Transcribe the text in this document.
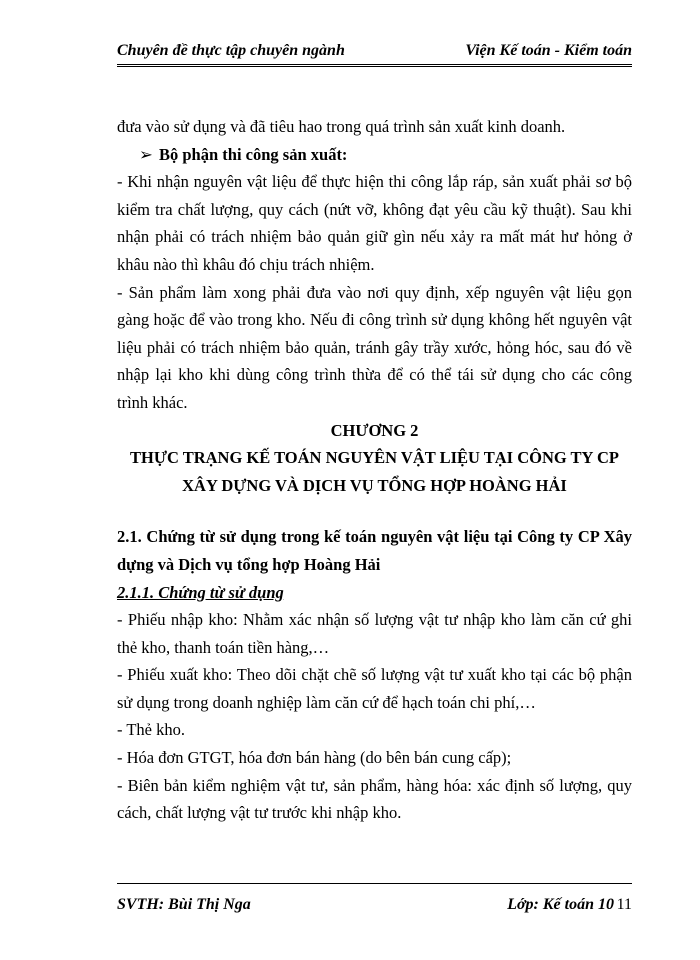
Chuyên đề thực tập chuyên ngành	Viện Kế toán - Kiểm toán

đưa vào sử dụng và đã tiêu hao trong quá trình sản xuất kinh doanh.

➢ Bộ phận thi công sản xuất:

- Khi nhận nguyên vật liệu để thực hiện thi công lắp ráp, sản xuất phải sơ bộ kiểm tra chất lượng, quy cách (nứt vỡ, không đạt yêu cầu kỹ thuật). Sau khi nhận phải có trách nhiệm bảo quản giữ gìn nếu xảy ra mất mát hư hỏng ở khâu nào thì khâu đó chịu trách nhiệm.

- Sản phẩm làm xong phải đưa vào nơi quy định, xếp nguyên vật liệu gọn gàng hoặc để vào trong kho. Nếu đi công trình sử dụng không hết nguyên vật liệu phải có trách nhiệm bảo quản, tránh gây trầy xước, hỏng hóc, sau đó về nhập lại kho khi dùng công trình thừa để có thể tái sử dụng cho các công trình khác.

CHƯƠNG 2

THỰC TRẠNG KẾ TOÁN NGUYÊN VẬT LIỆU TẠI CÔNG TY CP

XÂY DỰNG VÀ DỊCH VỤ TỔNG HỢP HOÀNG HẢI

2.1. Chứng từ sử dụng trong kế toán nguyên vật liệu tại Công ty CP Xây dựng và Dịch vụ tổng hợp Hoàng Hải

2.1.1. Chứng từ sử dụng

- Phiếu nhập kho: Nhằm xác nhận số lượng vật tư nhập kho làm căn cứ ghi thẻ kho, thanh toán tiền hàng,…

- Phiếu xuất kho: Theo dõi chặt chẽ số lượng vật tư xuất kho tại các bộ phận sử dụng trong doanh nghiệp làm căn cứ để hạch toán chi phí,…

- Thẻ kho.

- Hóa đơn GTGT, hóa đơn bán hàng (do bên bán cung cấp);

- Biên bản kiểm nghiệm vật tư, sản phẩm, hàng hóa: xác định số lượng, quy cách, chất lượng vật tư trước khi nhập kho.

SVTH: Bùi Thị Nga	Lớp: Kế toán 10 11
